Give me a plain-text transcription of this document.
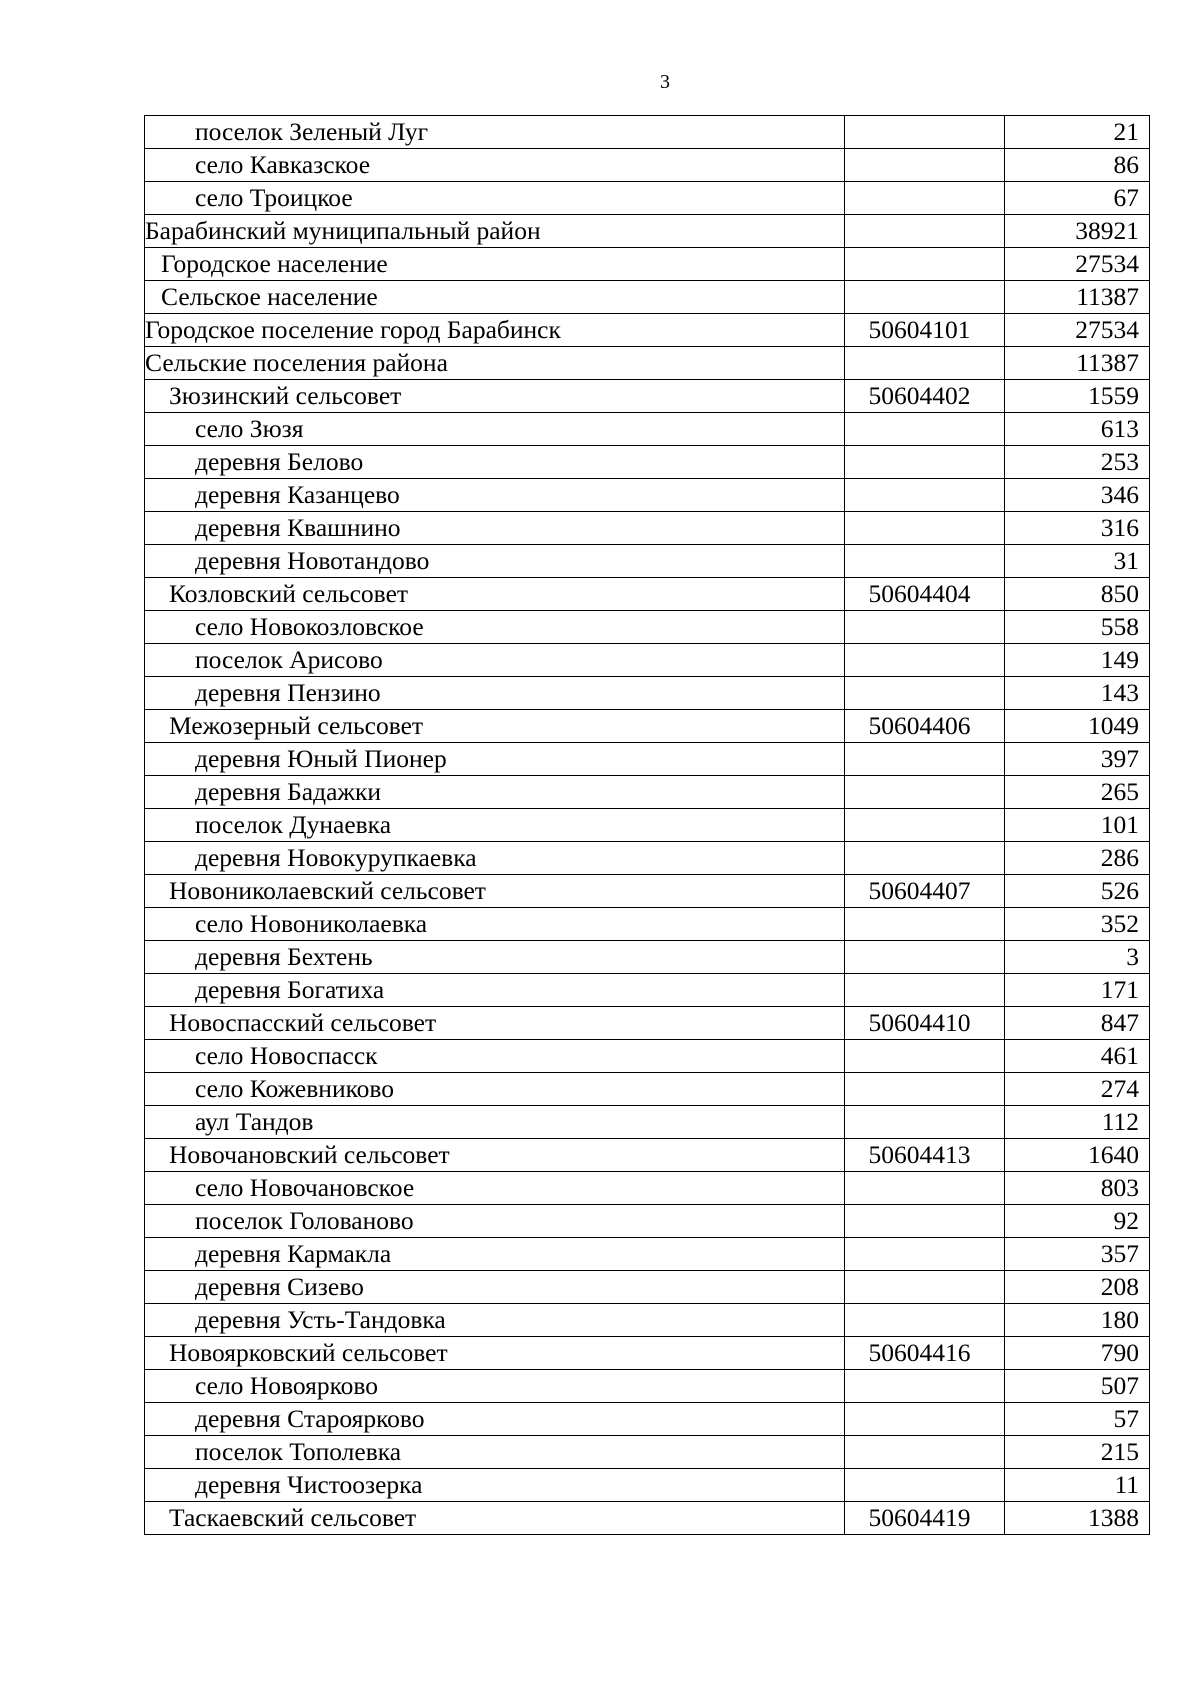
3
поселок Зеленый Луг		21
село Кавказское		86
село Троицкое		67
Барабинский муниципальный район		38921
Городское население		27534
Сельское население		11387
Городское поселение город Барабинск	50604101	27534
Сельские поселения района		11387
Зюзинский сельсовет	50604402	1559
село Зюзя		613
деревня Белово		253
деревня Казанцево		346
деревня Квашнино		316
деревня Новотандово		31
Козловский сельсовет	50604404	850
село Новокозловское		558
поселок Арисово		149
деревня Пензино		143
Межозерный сельсовет	50604406	1049
деревня Юный Пионер		397
деревня Бадажки		265
поселок Дунаевка		101
деревня Новокурупкаевка		286
Новониколаевский сельсовет	50604407	526
село Новониколаевка		352
деревня Бехтень		3
деревня Богатиха		171
Новоспасский сельсовет	50604410	847
село Новоспасск		461
село Кожевниково		274
аул Тандов		112
Новочановский сельсовет	50604413	1640
село Новочановское		803
поселок Голованово		92
деревня Кармакла		357
деревня Сизево		208
деревня Усть-Тандовка		180
Новоярковский сельсовет	50604416	790
село Новоярково		507
деревня Староярково		57
поселок Тополевка		215
деревня Чистоозерка		11
Таскаевский сельсовет	50604419	1388
